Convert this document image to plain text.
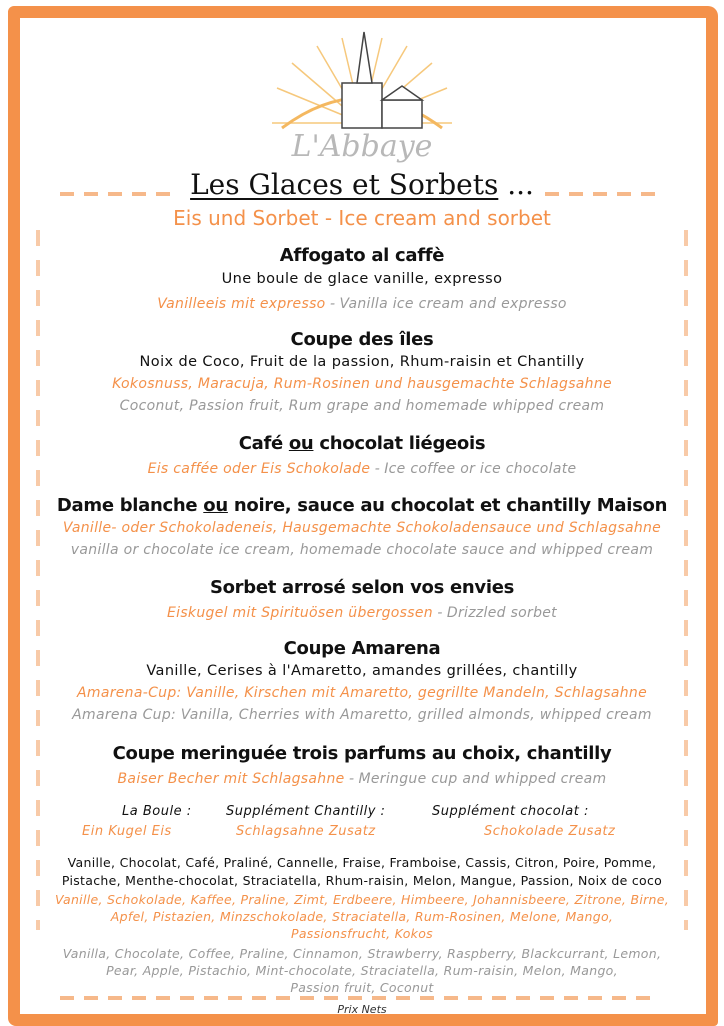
L'Abbaye
Les Glaces et Sorbets ...
Eis und Sorbet - Ice cream and sorbet
Affogato al caffè
Une boule de glace vanille, expresso
Vanilleeis mit expresso - Vanilla ice cream and expresso
Coupe des îles
Noix de Coco, Fruit de la passion, Rhum-raisin et Chantilly
Kokosnuss, Maracuja, Rum-Rosinen und hausgemachte Schlagsahne
Coconut, Passion fruit, Rum grape and homemade whipped cream
Café ou chocolat liégeois
Eis caffée oder Eis Schokolade - Ice coffee or ice chocolate
Dame blanche ou noire, sauce au chocolat et chantilly Maison
Vanille- oder Schokoladeneis, Hausgemachte Schokoladensauce und Schlagsahne
vanilla or chocolate ice cream, homemade chocolate sauce and whipped cream
Sorbet arrosé selon vos envies
Eiskugel mit Spirituösen übergossen - Drizzled sorbet
Coupe Amarena
Vanille, Cerises à l'Amaretto, amandes grillées, chantilly
Amarena-Cup: Vanille, Kirschen mit Amaretto, gegrillte Mandeln, Schlagsahne
Amarena Cup: Vanilla, Cherries with Amaretto, grilled almonds, whipped cream
Coupe meringuée trois parfums au choix, chantilly
Baiser Becher mit Schlagsahne - Meringue cup and whipped cream
La Boule :
Ein Kugel Eis
Supplément Chantilly :
Schlagsahne Zusatz
Supplément chocolat :
Schokolade Zusatz
Vanille, Chocolat, Café, Praliné, Cannelle, Fraise, Framboise, Cassis, Citron, Poire, Pomme,
Pistache, Menthe-chocolat, Straciatella, Rhum-raisin, Melon, Mangue, Passion, Noix de coco
Vanille, Schokolade, Kaffee, Praline, Zimt, Erdbeere, Himbeere, Johannisbeere, Zitrone, Birne,
Apfel, Pistazien, Minzschokolade, Straciatella, Rum-Rosinen, Melone, Mango,
Passionsfrucht, Kokos
Vanilla, Chocolate, Coffee, Praline, Cinnamon, Strawberry, Raspberry, Blackcurrant, Lemon,
Pear, Apple, Pistachio, Mint-chocolate, Straciatella, Rum-raisin, Melon, Mango,
Passion fruit, Coconut
Prix Nets
